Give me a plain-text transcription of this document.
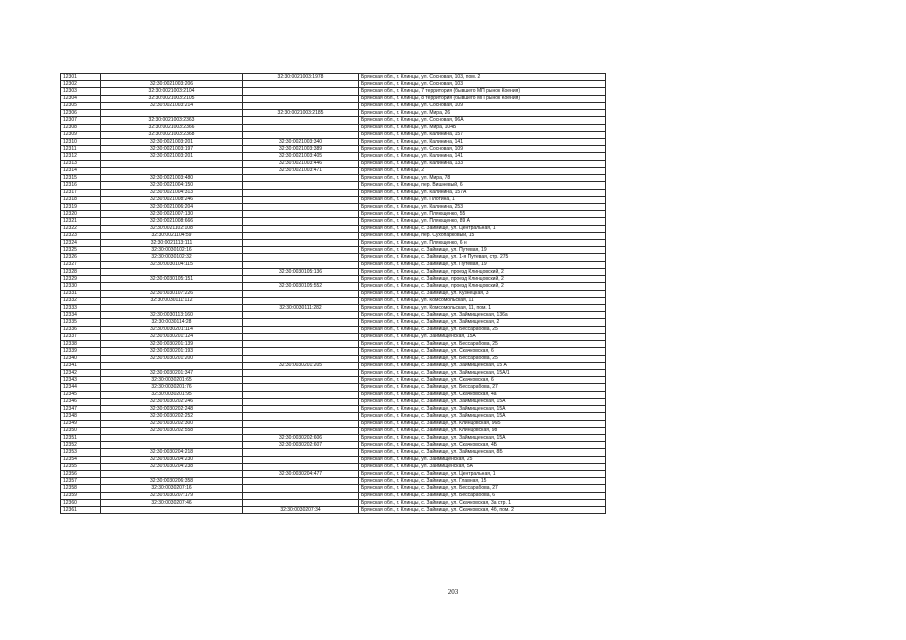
12301		32:30:0021003:1978	Брянская обл., г. Клинцы, ул. Сосновая, 103, пом. 2
12302	32:30:0021003:206		Брянская обл., г. Клинцы, ул. Сосновая, 103
12303	32:30:0021003:2104		Брянская обл., г. Клинцы, 7 территория (бывшего МП рынок Коения)
12304	32:30:0021003:2105		Брянская обл., г. Клинцы, 8 территория (бывшего МП рынок Коения)
12305	32:30:0021003:214		Брянская обл., г. Клинцы, ул. Сосновая, 109
12306		32:30:0021003:2185	Брянская обл., г. Клинцы, ул. Мира, 26
12307	32:30:0021003:2363		Брянская обл., г. Клинцы, ул. Сосновая, 96А
12308	32:30:0021003:2366		Брянская обл., г. Клинцы, ул. Мира, 104Б
12309	32:30:0021003:2368		Брянская обл., г. Клинцы, ул. Калинина, 157
12310	32:30:0021003:201	32:30:0021003:340	Брянская обл., г. Клинцы, ул. Калинина, 141
12311	32:30:0021003:197	32:30:0021003:389	Брянская обл., г. Клинцы, ул. Сосновая, 109
12312	32:30:0021003:201	32:30:0021003:405	Брянская обл., г. Клинцы, ул. Калинина, 141
12313		32:30:0021003:446	Брянская обл., г. Клинцы, ул. Калинина, 133
12314		32:30:0021003:471	Брянская обл., г. Клинцы, 2
12315	32:30:0021003:480		Брянская обл., г. Клинцы, ул. Мира, 78
12316	32:30:0021004:150		Брянская обл., г. Клинцы, пер. Вишневый, 6
12317	32:30:0021004:313		Брянская обл., г. Клинцы, ул. Калинина, 157А
12318	32:30:0021008:246		Брянская обл., г. Клинцы, ул. Плотина, 1
12319	32:30:0021006:204		Брянская обл., г. Клинцы, ул. Калинина, 253
12320	32:30:0021007:130		Брянская обл., г. Клинцы, ул. Пляющенко, 55
12321	32:30:0021008:666		Брянская обл., г. Клинцы, ул. Пляющенко, 89 А
12322	32:30:0021102:108		Брянская обл., г. Клинцы, с. Займище, ул. Центральная, 1
12323	32:30:0021104:59		Брянская обл., г. Клинцы, пер. Сухопарковый, 15
12324	32:30:0021113:111		Брянская обл., г. Клинцы, ул. Пляющенко, 6 н
12325	32:30:0030102:16		Брянская обл., г. Клинцы, с. Займище, ул. Путевая, 19
12326	32:30:0030102:32		Брянская обл., г. Клинцы, с. Займище, ул. 1-я Путевая, стр. 275
12327	32:30:0030104:115		Брянская обл., г. Клинцы, с. Займище, ул. Путевая, 19
12328		32:30:0030105:136	Брянская обл., г. Клинцы, с. Займище, проезд Клинцовский, 2
12329	32:30:0030105:151		Брянская обл., г. Клинцы, с. Займище, проезд Клинцовский, 2
12330		32:30:0030105:552	Брянская обл., г. Клинцы, с. Займище, проезд Клинцовский, 2
12331	32:30:0030107:226		Брянская обл., г. Клинцы, с. Займище, ул. Кузнецкая, 3
12332	32:30:0030111:112		Брянская обл., г. Клинцы, ул. Комсомольская, 11
12333		32:30:0030111:282	Брянская обл., г. Клинцы, ул. Комсомольская, 11, пом. 1
12334	32:30:0030113:160		Брянская обл., г. Клинцы, с. Займище, ул. Займищенская, 136а
12335	32:30:0030114:28		Брянская обл., г. Клинцы, с. Займище, ул. Займищенская, 2
12336	32:30:0030201:114		Брянская обл., г. Клинцы, с. Займище, ул. Бессарабова, 25
12337	32:30:0030201:124		Брянская обл., г. Клинцы, ул. Займищенская, 15А
12338	32:30:0030201:139		Брянская обл., г. Клинцы, с. Займище, ул. Бессарабова, 25
12339	32:30:0030201:193		Брянская обл., г. Клинцы, с. Займище, ул. Скачковская, 6
12340	32:30:0030201:200		Брянская обл., г. Клинцы, с. Займище, ул. Бессарабова, 25
12341		32:30:0030201:205	Брянская обл., г. Клинцы, с. Займище, ул. Займищенская, 15 А
12342	32:30:0030201:347		Брянская обл., г. Клинцы, с. Займище, ул. Займищенская, 15А/1
12343	32:30:0030201:65		Брянская обл., г. Клинцы, с. Займище, ул. Скачковская, 6
12344	32:30:0030201:76		Брянская обл., г. Клинцы, с. Займище, ул. Бессарабова, 27
12345	32:30:0030201:95		Брянская обл., г. Клинцы, с. Займище, ул. Скачковская, 4а
12346	32:30:0030202:246		Брянская обл., г. Клинцы, с. Займище, ул. Займищенская, 15А
12347	32:30:0030202:248		Брянская обл., г. Клинцы, с. Займище, ул. Займищенская, 15А
12348	32:30:0030202:252		Брянская обл., г. Клинцы, с. Займище, ул. Займищенская, 15А
12349	32:30:0030202:300		Брянская обл., г. Клинцы, с. Займище, ул. Клинцовская, 96Б
12350	32:30:0030202:558		Брянская обл., г. Клинцы, с. Займище, ул. Клинцовская, 98
12351		32:30:0030202:606	Брянская обл., г. Клинцы, с. Займище, ул. Займищенская, 15А
12352		32:30:0030202:607	Брянская обл., г. Клинцы, с. Займище, ул. Скачковская, 4Б
12353	32:30:0030204:218		Брянская обл., г. Клинцы, с. Займище, ул. Займищенская, 8Б
12354	32:30:0030204:230		Брянская обл., г. Клинцы, ул. Займищенская, 25
12355	32:30:0030204:238		Брянская обл., г. Клинцы, ул. Займищенская, 5А
12356		32:30:0030204:477	Брянская обл., г. Клинцы, с. Займище, ул. Центральная, 1
12357	32:30:0030206:358		Брянская обл., г. Клинцы, с. Займище, ул. Главная, 15
12358	32:30:0030207:16		Брянская обл., г. Клинцы, с. Займище, ул. Бессарабова, 27
12359	32:30:0030207:179		Брянская обл., г. Клинцы, с. Займище, ул. Бессарабова, 6
12360	32:30:0030207:46		Брянская обл., г. Клинцы, с. Займище, ул. Скачковская, 3а стр. 1
12361		32:30:0030207:34	Брянская обл., г. Клинцы, с. Займище, ул. Скачковская, 4б, пом. 2
203
